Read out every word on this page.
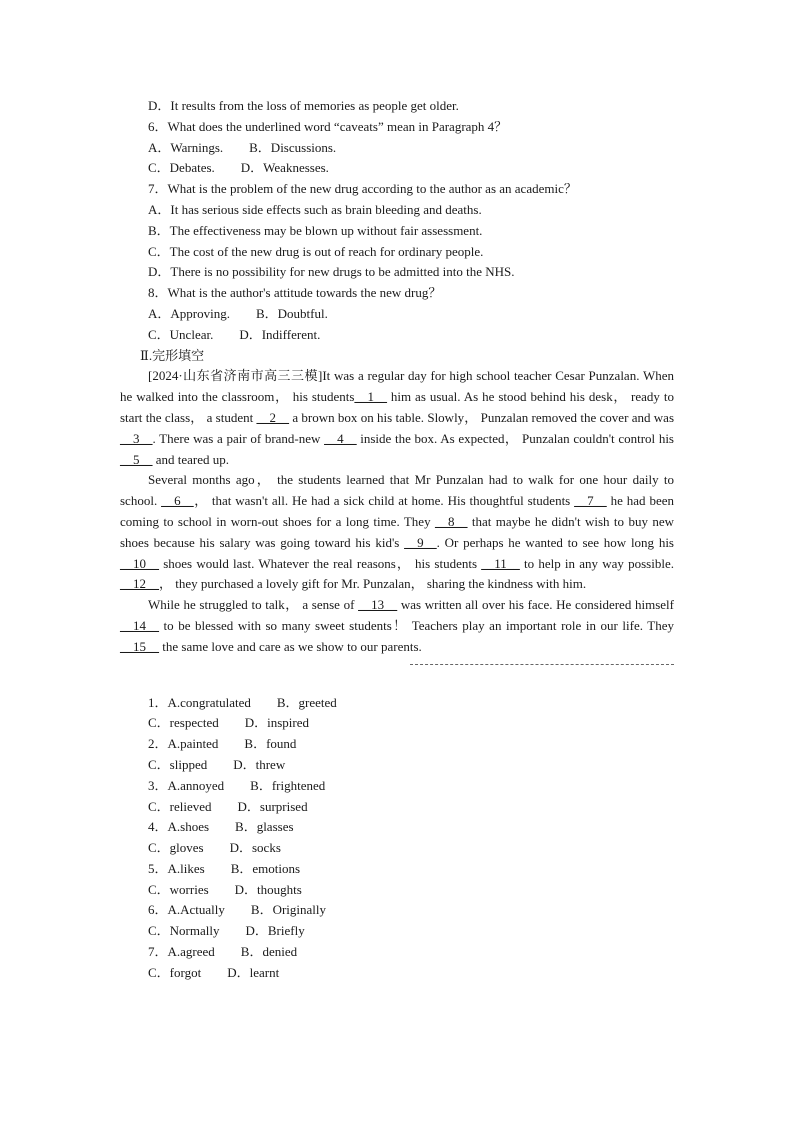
D．It results from the loss of memories as people get older.
6．What does the underlined word “caveats” mean in Paragraph 4？
A．Warnings.　　B．Discussions.
C．Debates.　　D．Weaknesses.
7．What is the problem of the new drug according to the author as an academic？
A．It has serious side effects such as brain bleeding and deaths.
B．The effectiveness may be blown up without fair assessment.
C．The cost of the new drug is out of reach for ordinary people.
D．There is no possibility for new drugs to be admitted into the NHS.
8．What is the author's attitude towards the new drug？
A．Approving.　　B．Doubtful.
C．Unclear.　　D．Indifferent.
Ⅱ.完形填空
[2024·山东省济南市高三三模]It was a regular day for high school teacher Cesar Punzalan. When he walked into the classroom， his students__1__ him as usual. As he stood behind his desk， ready to start the class， a student __2__ a brown box on his table. Slowly， Punzalan removed the cover and was __3__. There was a pair of brand-new __4__ inside the box. As expected， Punzalan couldn't control his __5__ and teared up.
Several months ago， the students learned that Mr Punzalan had to walk for one hour daily to school. __6__， that wasn't all. He had a sick child at home. His thoughtful students __7__ he had been coming to school in worn-out shoes for a long time. They __8__ that maybe he didn't wish to buy new shoes because his salary was going toward his kid's __9__. Or perhaps he wanted to see how long his __10__ shoes would last. Whatever the real reasons， his students __11__ to help in any way possible. __12__， they purchased a lovely gift for Mr. Punzalan， sharing the kindness with him.
While he struggled to talk， a sense of __13__ was written all over his face. He considered himself __14__ to be blessed with so many sweet students！ Teachers play an important role in our life. They __15__ the same love and care as we show to our parents.
1．A.congratulated　　B．greeted
C．respected　　D．inspired
2．A.painted　　B．found
C．slipped　　D．threw
3．A.annoyed　　B．frightened
C．relieved　　D．surprised
4．A.shoes　　B．glasses
C．gloves　　D．socks
5．A.likes　　B．emotions
C．worries　　D．thoughts
6．A.Actually　　B．Originally
C．Normally　　D．Briefly
7．A.agreed　　B．denied
C．forgot　　D．learnt
